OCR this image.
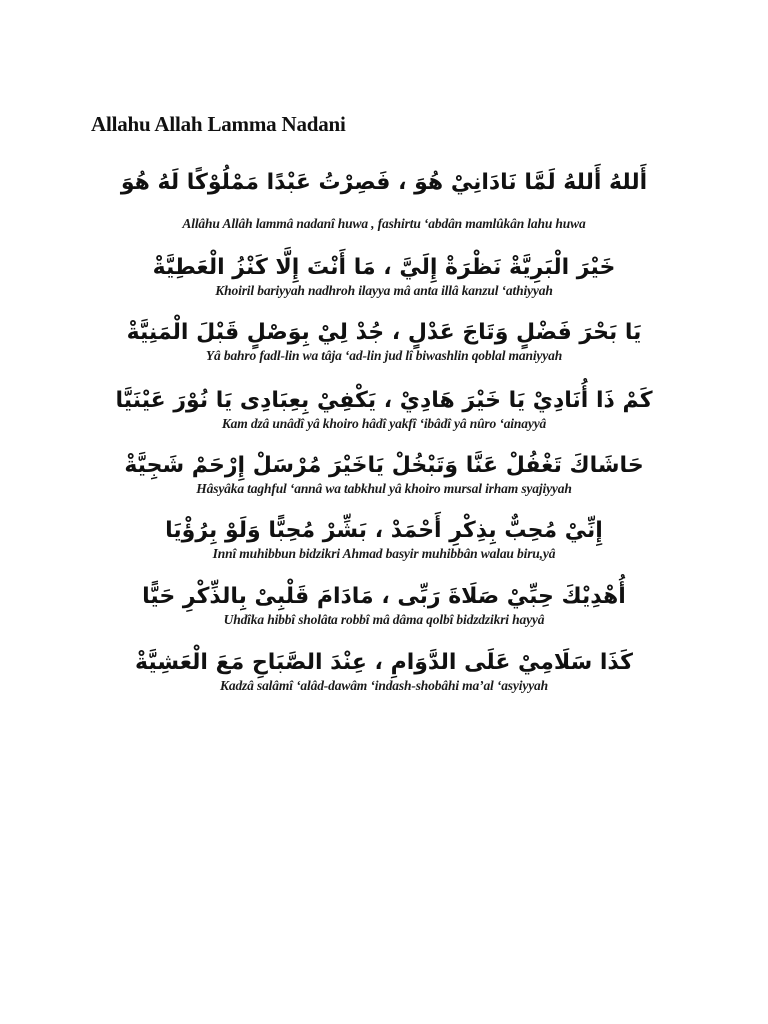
Allahu Allah Lamma Nadani

أَللهُ أَللهُ لَمَّا نَادَانِيْ هُوَ ، فَصِرْتُ عَبْدًا مَمْلُوْكًا لَهُ هُوَ

Allâhu Allâh lammâ nadanî huwa , fashirtu ‘abdân mamlûkân lahu huwa

خَيْرَ الْبَرِيَّةْ نَظْرَةْ إِلَيَّ ، مَا أَنْتَ إِلَّا كَنْزُ الْعَطِيَّةْ

Khoiril bariyyah nadhroh ilayya mâ anta illâ kanzul ‘athiyyah

يَا بَحْرَ فَضْلٍ وَتَاجَ عَدْلٍ ، جُدْ لِيْ بِوَصْلٍ قَبْلَ الْمَنِيَّةْ

Yâ bahro fadl-lin wa tâja ‘ad-lin jud lî biwashlin qoblal maniyyah

كَمْ ذَا أُنَادِيْ يَا خَيْرَ هَادِيْ ، يَكْفِيْ بِعِبَادِى يَا نُوْرَ عَيْنَيَّا

Kam dzâ unâdî yâ khoiro hâdî yakfî ‘ibâdî yâ nûro ‘ainayyâ

حَاشَاكَ تَغْفُلْ عَنَّا وَتَبْخُلْ يَاخَيْرَ مُرْسَلْ إِرْحَمْ شَجِيَّةْ

Hâsyâka taghful ‘annâ wa tabkhul yâ khoiro mursal irham syajiyyah

إِنِّيْ مُحِبٌّ بِذِكْرِ أَحْمَدْ ، بَشِّرْ مُحِبًّا وَلَوْ بِرُؤْيَا

Innî muhibbun bidzikri Ahmad basyir muhibbân walau biru,yâ

أُهْدِيْكَ حِبِّيْ صَلَاةَ رَبِّى ، مَادَامَ قَلْبِىْ بِالذِّكْرِ حَيًّا

Uhdîka hibbî sholâta robbî mâ dâma qolbî bidzdzikri hayyâ

كَذَا سَلَامِيْ عَلَى الدَّوَامِ ، عِنْدَ الصَّبَاحِ مَعَ الْعَشِيَّةْ

Kadzâ salâmî ‘alâd-dawâm ‘indash-shobâhi ma’al ‘asyiyyah
